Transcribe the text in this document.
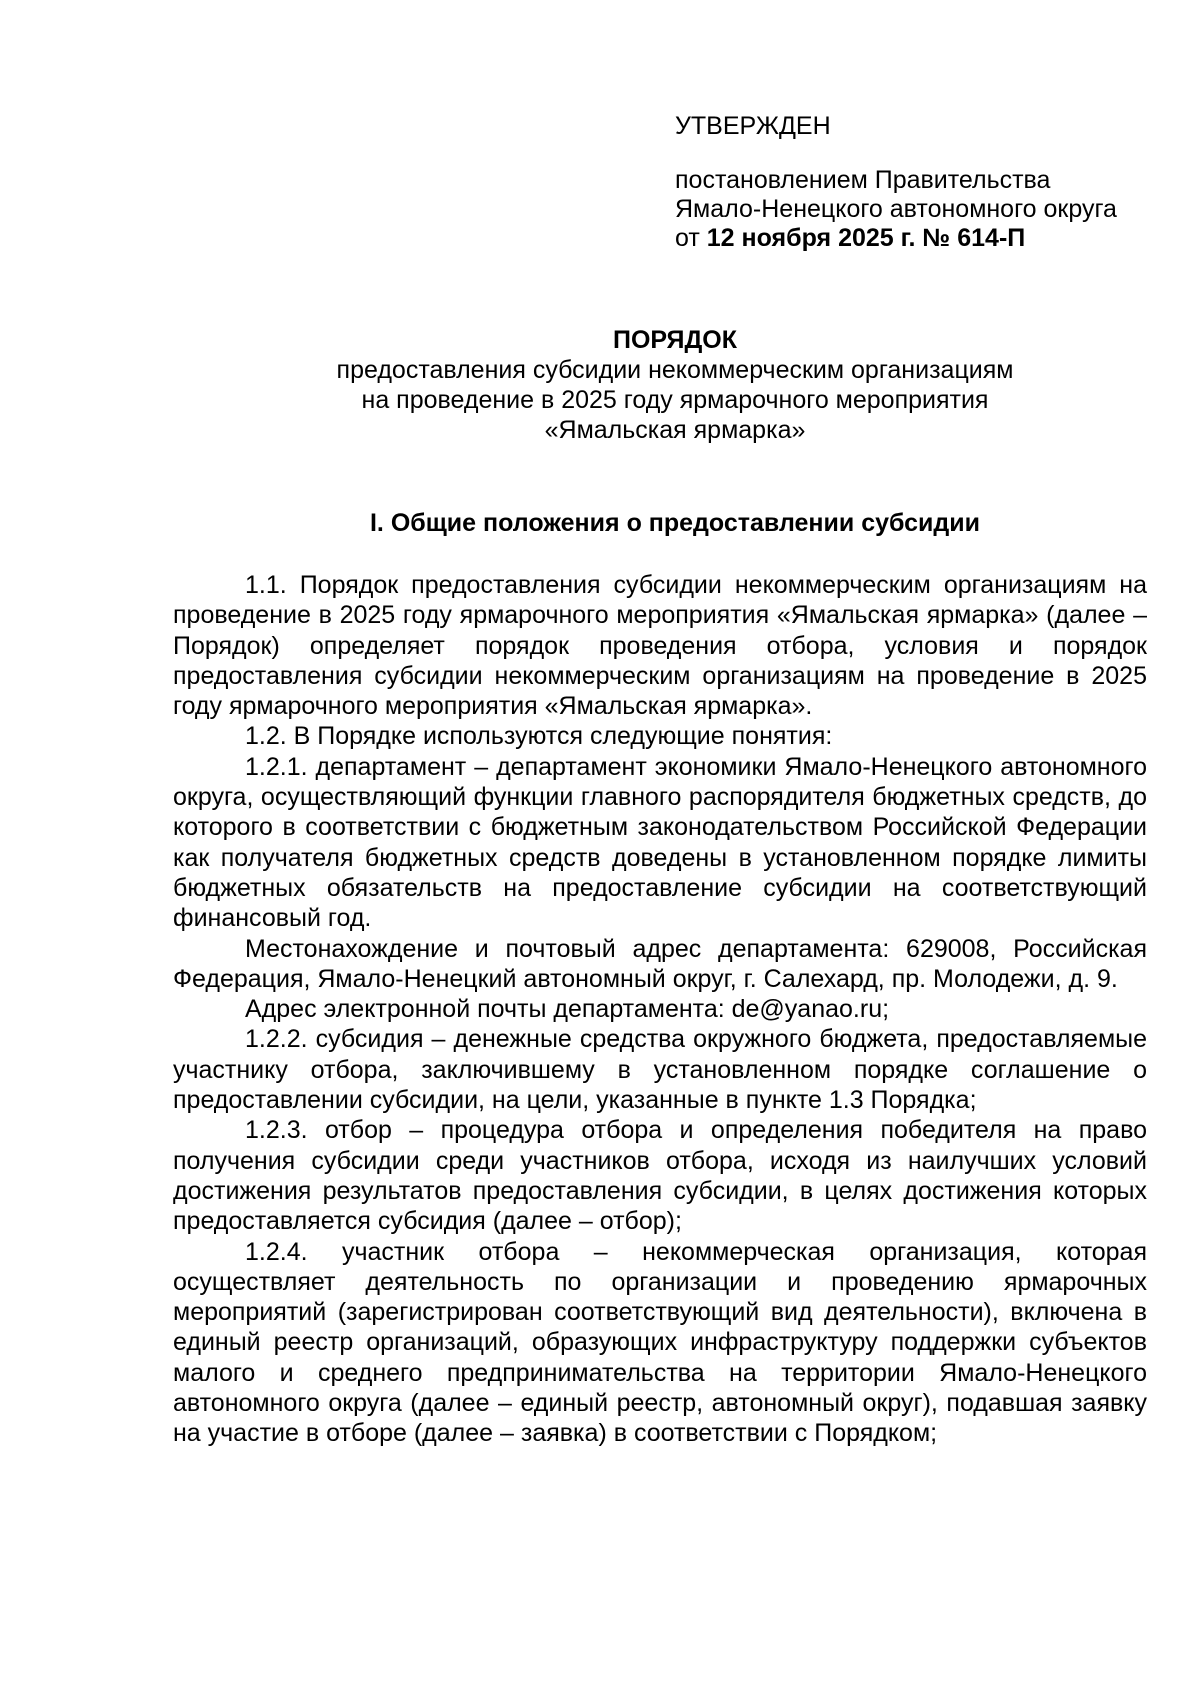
УТВЕРЖДЕН
постановлением Правительства
Ямало-Ненецкого автономного округа
от 12 ноября 2025 г. № 614-П
ПОРЯДОК
предоставления субсидии некоммерческим организациям
на проведение в 2025 году ярмарочного мероприятия
«Ямальская ярмарка»
I. Общие положения о предоставлении субсидии

1.1. Порядок предоставления субсидии некоммерческим организациям на проведение в 2025 году ярмарочного мероприятия «Ямальская ярмарка» (далее – Порядок) определяет порядок проведения отбора, условия и порядок предоставления субсидии некоммерческим организациям на проведение в 2025 году ярмарочного мероприятия «Ямальская ярмарка».

1.2. В Порядке используются следующие понятия:

1.2.1. департамент – департамент экономики Ямало-Ненецкого автономного округа, осуществляющий функции главного распорядителя бюджетных средств, до которого в соответствии с бюджетным законодательством Российской Федерации как получателя бюджетных средств доведены в установленном порядке лимиты бюджетных обязательств на предоставление субсидии на соответствующий финансовый год.

Местонахождение и почтовый адрес департамента: 629008, Российская Федерация, Ямало-Ненецкий автономный округ, г. Салехард, пр. Молодежи, д. 9.

Адрес электронной почты департамента: de@yanao.ru;

1.2.2. субсидия – денежные средства окружного бюджета, предоставляемые участнику отбора, заключившему в установленном порядке соглашение о предоставлении субсидии, на цели, указанные в пункте 1.3 Порядка;

1.2.3. отбор – процедура отбора и определения победителя на право получения субсидии среди участников отбора, исходя из наилучших условий достижения результатов предоставления субсидии, в целях достижения которых предоставляется субсидия (далее – отбор);

1.2.4. участник отбора – некоммерческая организация, которая осуществляет деятельность по организации и проведению ярмарочных мероприятий (зарегистрирован соответствующий вид деятельности), включена в единый реестр организаций, образующих инфраструктуру поддержки субъектов малого и среднего предпринимательства на территории Ямало-Ненецкого автономного округа (далее – единый реестр, автономный округ), подавшая заявку на участие в отборе (далее – заявка) в соответствии с Порядком;
